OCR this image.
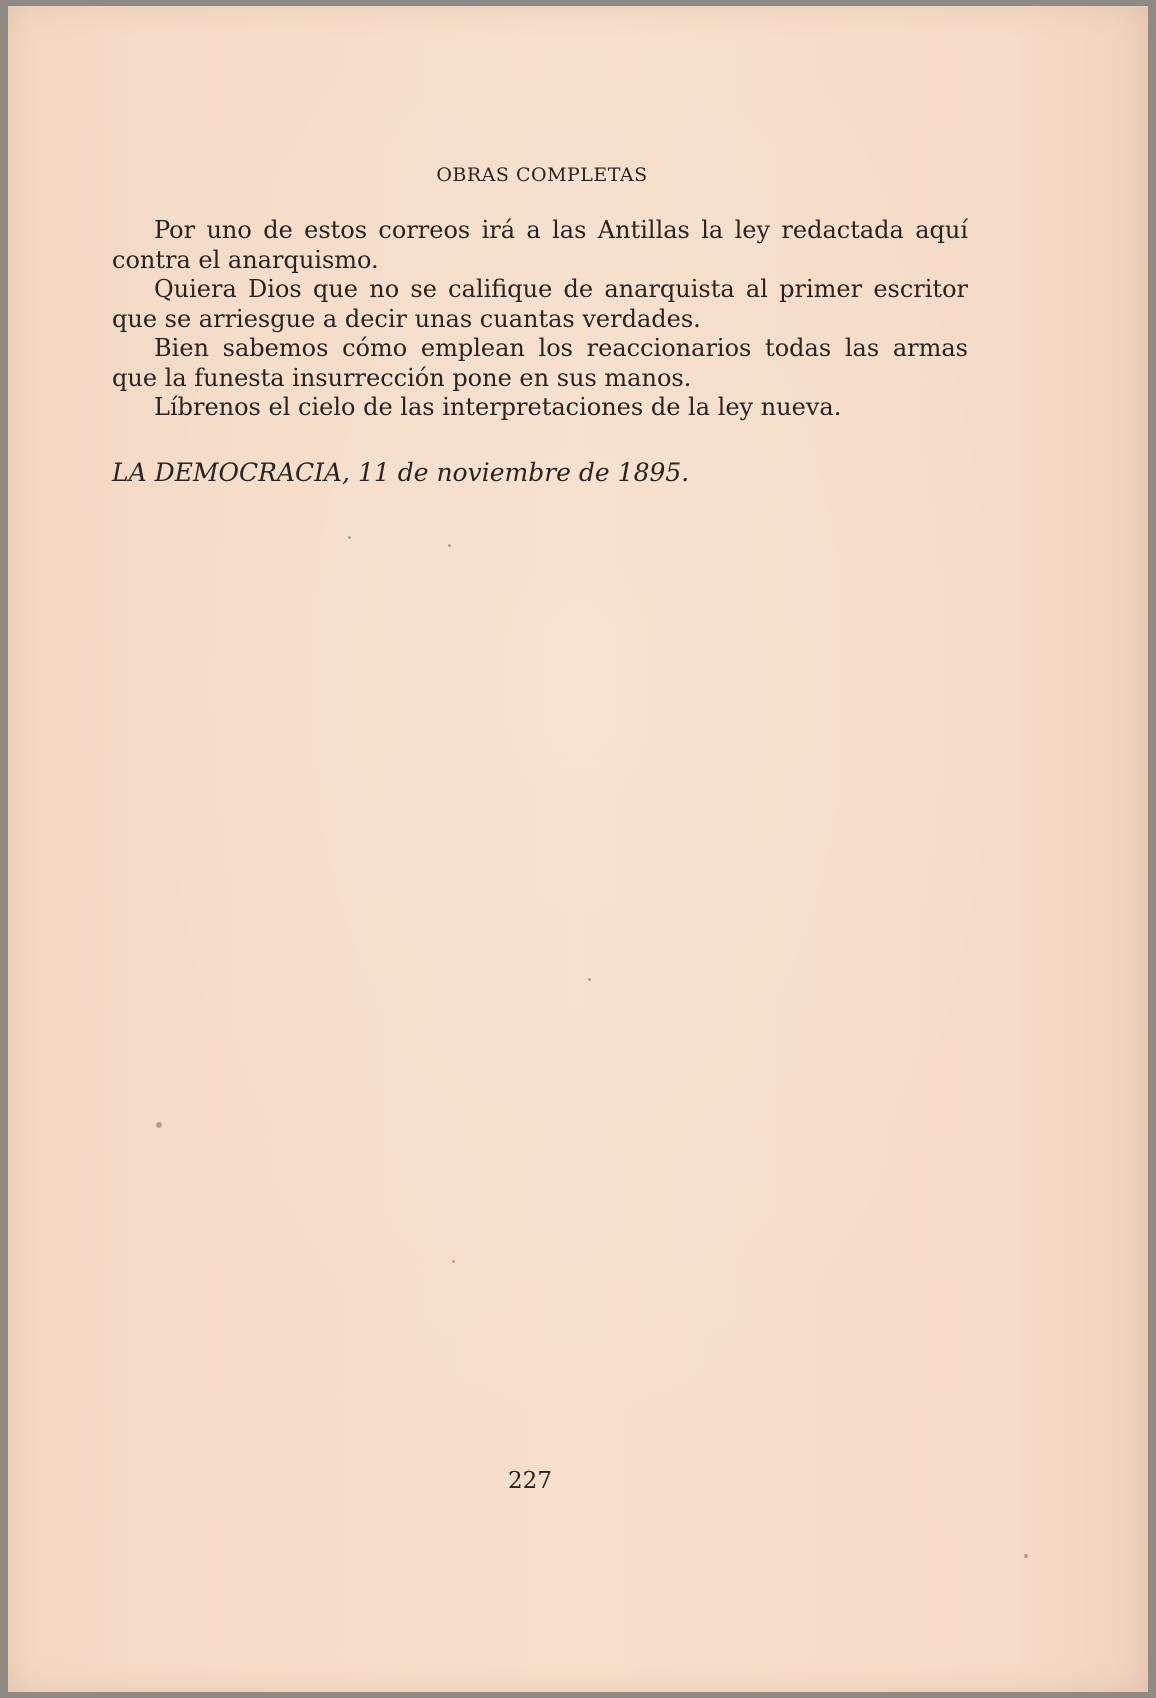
OBRAS COMPLETAS

Por uno de estos correos irá a las Antillas la ley redactada aquí contra el anarquismo.

Quiera Dios que no se califique de anarquista al primer escritor que se arriesgue a decir unas cuantas verdades.

Bien sabemos cómo emplean los reaccionarios todas las armas que la funesta insurrección pone en sus manos.

Líbrenos el cielo de las interpretaciones de la ley nueva.

LA DEMOCRACIA, 11 de noviembre de 1895.
227
